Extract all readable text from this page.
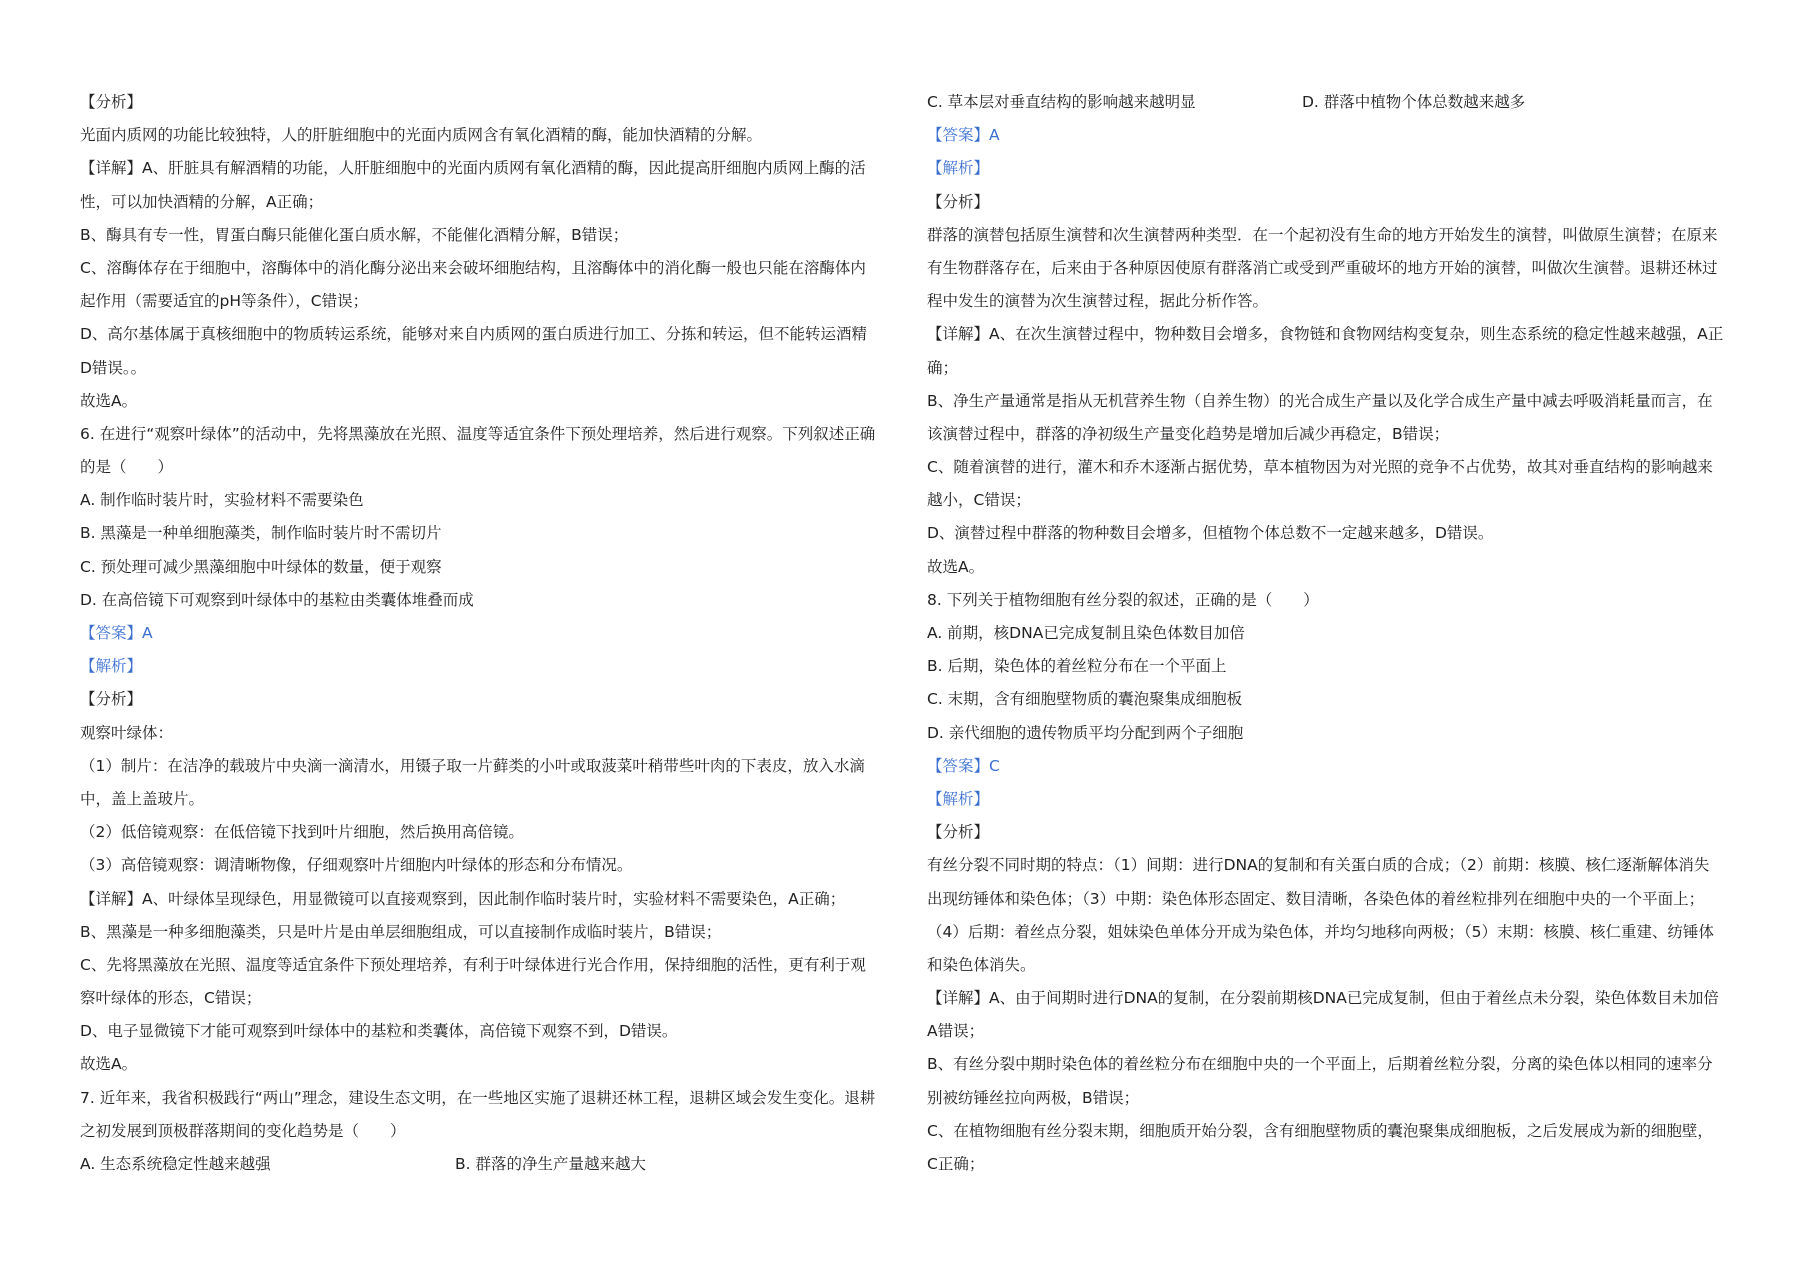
【分析】
光面内质网的功能比较独特，人的肝脏细胞中的光面内质网含有氧化酒精的酶，能加快酒精的分解。
【详解】A、肝脏具有解酒精的功能，人肝脏细胞中的光面内质网有氧化酒精的酶，因此提高肝细胞内质网上酶的活
性，可以加快酒精的分解，A正确；
B、酶具有专一性，胃蛋白酶只能催化蛋白质水解，不能催化酒精分解，B错误；
C、溶酶体存在于细胞中，溶酶体中的消化酶分泌出来会破坏细胞结构，且溶酶体中的消化酶一般也只能在溶酶体内
起作用（需要适宜的pH等条件），C错误；
D、高尔基体属于真核细胞中的物质转运系统，能够对来自内质网的蛋白质进行加工、分拣和转运，但不能转运酒精
D错误。。
故选A。
6. 在进行“观察叶绿体”的活动中，先将黑藻放在光照、温度等适宜条件下预处理培养，然后进行观察。下列叙述正确
的是（　　）
A. 制作临时装片时，实验材料不需要染色
B. 黑藻是一种单细胞藻类，制作临时装片时不需切片
C. 预处理可减少黑藻细胞中叶绿体的数量，便于观察
D. 在高倍镜下可观察到叶绿体中的基粒由类囊体堆叠而成
【答案】A
【解析】
【分析】
观察叶绿体：
（1）制片：在洁净的载玻片中央滴一滴清水，用镊子取一片藓类的小叶或取菠菜叶稍带些叶肉的下表皮，放入水滴
中，盖上盖玻片。
（2）低倍镜观察：在低倍镜下找到叶片细胞，然后换用高倍镜。
（3）高倍镜观察：调清晰物像，仔细观察叶片细胞内叶绿体的形态和分布情况。
【详解】A、叶绿体呈现绿色，用显微镜可以直接观察到，因此制作临时装片时，实验材料不需要染色，A正确；
B、黑藻是一种多细胞藻类，只是叶片是由单层细胞组成，可以直接制作成临时装片，B错误；
C、先将黑藻放在光照、温度等适宜条件下预处理培养，有利于叶绿体进行光合作用，保持细胞的活性，更有利于观
察叶绿体的形态，C错误；
D、电子显微镜下才能可观察到叶绿体中的基粒和类囊体，高倍镜下观察不到，D错误。
故选A。
7. 近年来，我省积极践行“两山”理念，建设生态文明，在一些地区实施了退耕还林工程，退耕区域会发生变化。退耕
之初发展到顶极群落期间的变化趋势是（　　）
A. 生态系统稳定性越来越强	B. 群落的净生产量越来越大
C. 草本层对垂直结构的影响越来越明显	D. 群落中植物个体总数越来越多
【答案】A
【解析】
【分析】
群落的演替包括原生演替和次生演替两种类型．在一个起初没有生命的地方开始发生的演替，叫做原生演替；在原来
有生物群落存在，后来由于各种原因使原有群落消亡或受到严重破坏的地方开始的演替，叫做次生演替。退耕还林过
程中发生的演替为次生演替过程，据此分析作答。
【详解】A、在次生演替过程中，物种数目会增多，食物链和食物网结构变复杂，则生态系统的稳定性越来越强，A正
确；
B、净生产量通常是指从无机营养生物（自养生物）的光合成生产量以及化学合成生产量中减去呼吸消耗量而言，在
该演替过程中，群落的净初级生产量变化趋势是增加后减少再稳定，B错误；
C、随着演替的进行，灌木和乔木逐渐占据优势，草本植物因为对光照的竞争不占优势，故其对垂直结构的影响越来
越小，C错误；
D、演替过程中群落的物种数目会增多，但植物个体总数不一定越来越多，D错误。
故选A。
8. 下列关于植物细胞有丝分裂的叙述，正确的是（　　）
A. 前期，核DNA已完成复制且染色体数目加倍
B. 后期，染色体的着丝粒分布在一个平面上
C. 末期，含有细胞壁物质的囊泡聚集成细胞板
D. 亲代细胞的遗传物质平均分配到两个子细胞
【答案】C
【解析】
【分析】
有丝分裂不同时期的特点：（1）间期：进行DNA的复制和有关蛋白质的合成；（2）前期：核膜、核仁逐渐解体消失
出现纺锤体和染色体；（3）中期：染色体形态固定、数目清晰，各染色体的着丝粒排列在细胞中央的一个平面上；
（4）后期：着丝点分裂，姐妹染色单体分开成为染色体，并均匀地移向两极；（5）末期：核膜、核仁重建、纺锤体
和染色体消失。
【详解】A、由于间期时进行DNA的复制，在分裂前期核DNA已完成复制，但由于着丝点未分裂，染色体数目未加倍
A错误；
B、有丝分裂中期时染色体的着丝粒分布在细胞中央的一个平面上，后期着丝粒分裂，分离的染色体以相同的速率分
别被纺锤丝拉向两极，B错误；
C、在植物细胞有丝分裂末期，细胞质开始分裂，含有细胞壁物质的囊泡聚集成细胞板，之后发展成为新的细胞壁，
C正确；
